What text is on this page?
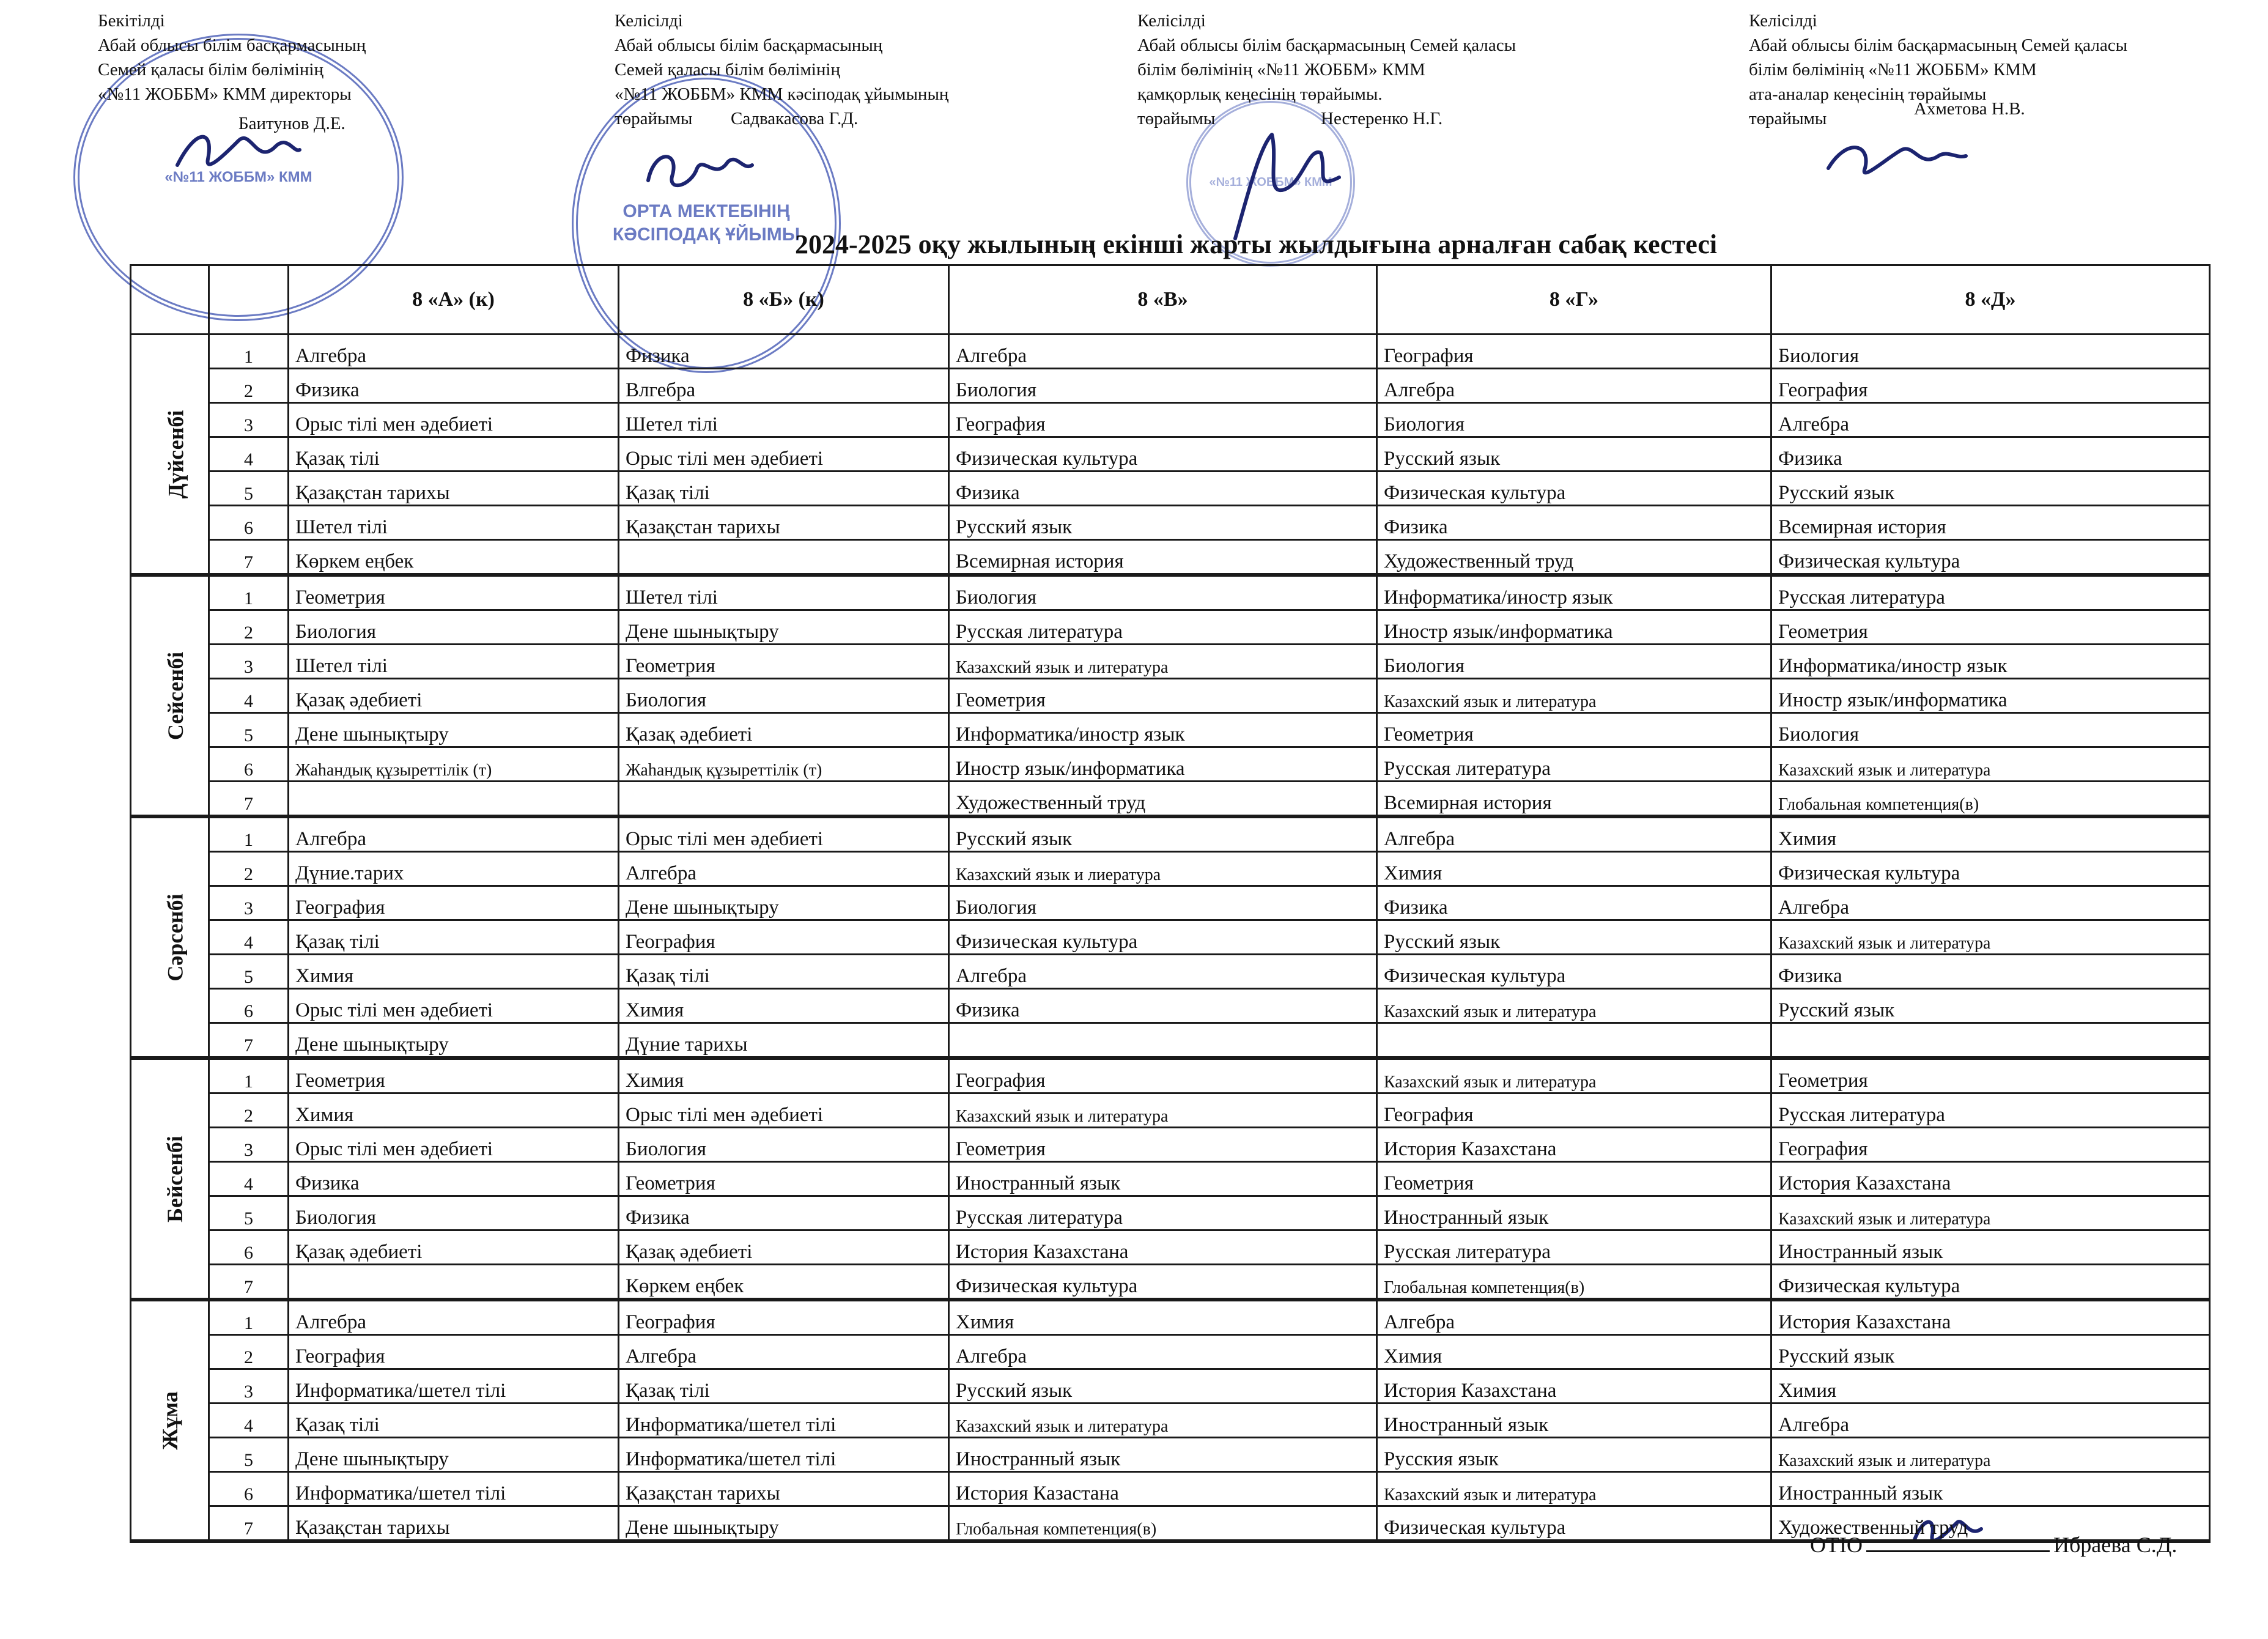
«№11 ЖОББМ» КММ
ОРТА МЕКТЕБІНІҢ КӘСІПОДАҚ ҰЙЫМЫ
«№11 ЖОББМ» КММ
Бекітілді
Абай облысы білім басқармасының
Семей қаласы білім бөлімінің
«№11 ЖОББМ» КММ директоры
Баитунов Д.Е.
Келісілді
Абай облысы білім басқармасының
Семей қаласы білім бөлімінің
«№11 ЖОББМ» КММ кәсіподақ ұйымының
төрайымы	Садвакасова Г.Д.
Келісілді
Абай облысы білім басқармасының Семей қаласы
білім бөлімінің «№11 ЖОББМ» КММ
қамқорлық кеңесінің төрайымы.
төрайымы	Нестеренко Н.Г.
Келісілді
Абай облысы білім басқармасының Семей қаласы
білім бөлімінің «№11 ЖОББМ» КММ
ата-аналар кеңесінің төрайымы
төрайымы	Ахметова Н.В.
2024-2025 оқу жылының екінші жарты жылдығына арналған сабақ кестесі
		8 «А» (к)	8 «Б» (к)	8 «В»	8 «Г»	8 «Д»
Дүйсенбі	1	Алгебра	Физика	Алгебра	География	Биология
	2	Физика	Влгебра	Биология	Алгебра	География
	3	Орыс тілі мен әдебиеті	Шетел тілі	География	Биология	Алгебра
	4	Қазақ тілі	Орыс тілі мен әдебиеті	Физическая культура	Русский язык	Физика
	5	Қазақстан тарихы	Қазақ тілі	Физика	Физическая культура	Русский язык
	6	Шетел тілі	Қазақстан тарихы	Русский язык	Физика	Всемирная история
	7	Көркем еңбек		Всемирная история	Художественный труд	Физическая культура
Сейсенбі	1	Геометрия	Шетел тілі	Биология	Информатика/иностр язык	Русская литература
	2	Биология	Дене шынықтыру	Русская литература	Иностр язык/информатика	Геометрия
	3	Шетел тілі	Геометрия	Казахский язык и литература	Биология	Информатика/иностр язык
	4	Қазақ әдебиеті	Биология	Геометрия	Казахский язык и литература	Иностр язык/информатика
	5	Дене шынықтыру	Қазақ әдебиеті	Информатика/иностр язык	Геометрия	Биология
	6	Жаһандық құзыреттілік (т)	Жаһандық құзыреттілік (т)	Иностр язык/информатика	Русская литература	Казахский язык и литература
	7			Художественный труд	Всемирная история	Глобальная компетенция(в)
Сәрсенбі	1	Алгебра	Орыс тілі мен әдебиеті	Русский язык	Алгебра	Химия
	2	Дүние.тарих	Алгебра	Казахский язык и лиература	Химия	Физическая культура
	3	География	Дене шынықтыру	Биология	Физика	Алгебра
	4	Қазақ тілі	География	Физическая культура	Русский язык	Казахский язык и литература
	5	Химия	Қазақ тілі	Алгебра	Физическая культура	Физика
	6	Орыс тілі мен әдебиеті	Химия	Физика	Казахский язык и литература	Русский язык
	7	Дене шынықтыру	Дүние тарихы			
Бейсенбі	1	Геометрия	Химия	География	Казахский язык и литература	Геометрия
	2	Химия	Орыс тілі мен әдебиеті	Казахский язык и литература	География	Русская литература
	3	Орыс тілі мен әдебиеті	Биология	Геометрия	История Казахстана	География
	4	Физика	Геометрия	Иностранный язык	Геометрия	История Казахстана
	5	Биология	Физика	Русская литература	Иностранный язык	Казахский язык и литература
	6	Қазақ әдебиеті	Қазақ әдебиеті	История Казахстана	Русская литература	Иностранный язык
	7		Көркем еңбек	Физическая культура	Глобальная компетенция(в)	Физическая культура
Жұма	1	Алгебра	География	Химия	Алгебра	История Казахстана
	2	География	Алгебра	Алгебра	Химия	Русский язык
	3	Информатика/шетел тілі	Қазақ тілі	Русский язык	История Казахстана	Химия
	4	Қазақ тілі	Информатика/шетел тілі	Казахский язык и литература	Иностранный язык	Алгебра
	5	Дене шынықтыру	Информатика/шетел тілі	Иностранный язык	Русския язык	Казахский язык и литература
	6	Информатика/шетел тілі	Қазақстан тарихы	История Казастана	Казахский язык и литература	Иностранный язык
	7	Қазақстан тарихы	Дене шынықтыру	Глобальная компетенция(в)	Физическая культура	Художественный труд
ОТІО	Ибраева С.Д.
